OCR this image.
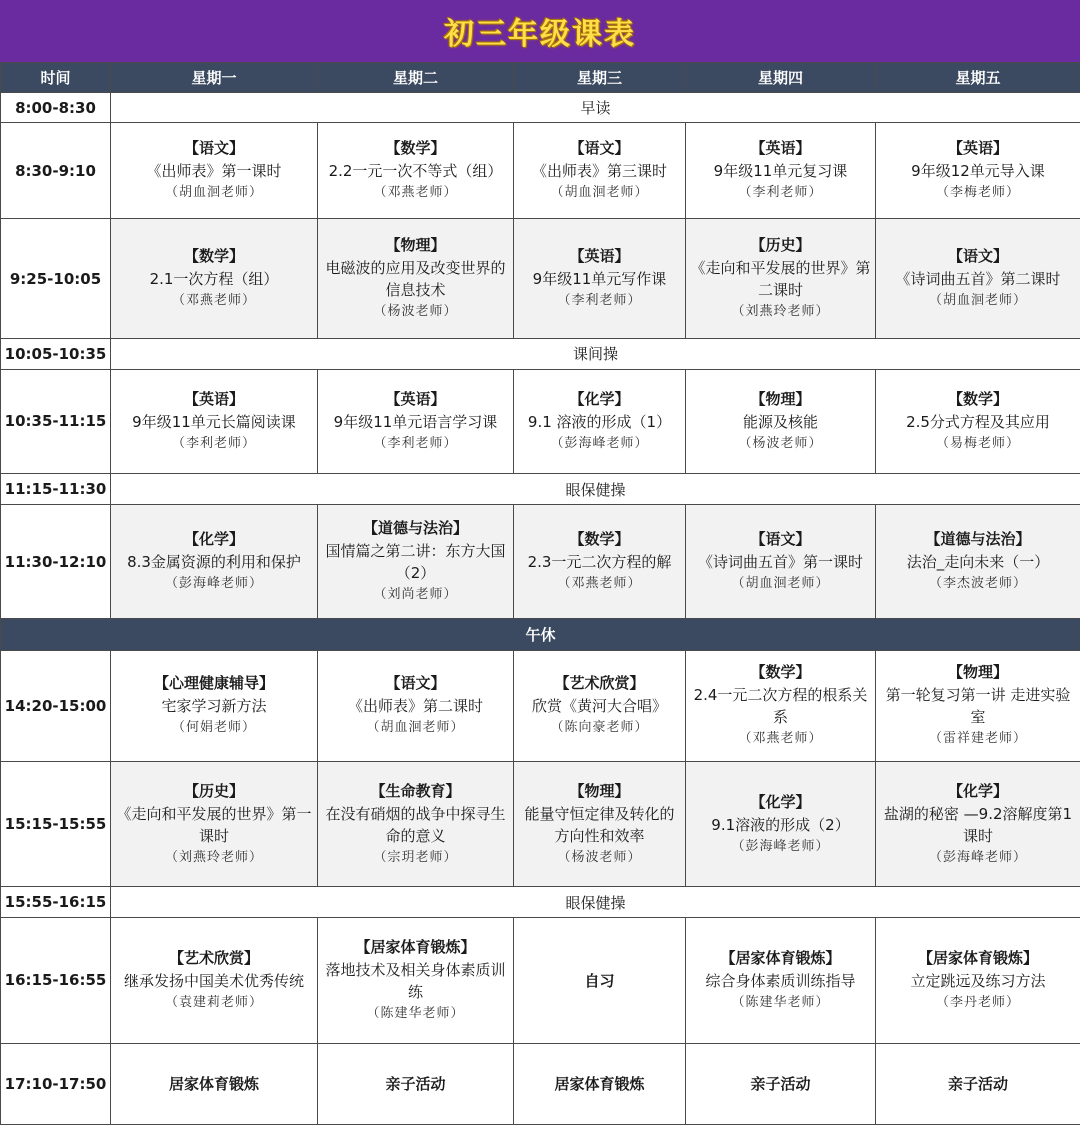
初三年级课表
时间	星期一	星期二	星期三	星期四	星期五
8:00-8:30	早读				
8:30-9:10	【语文】
《出师表》第一课时
（胡血洄老师）	【数学】
2.2一元一次不等式（组）
（邓燕老师）	【语文】
《出师表》第三课时
（胡血洄老师）	【英语】
9年级11单元复习课
（李利老师）	【英语】
9年级12单元导入课
（李梅老师）

9:25-10:05	【数学】
2.1一次方程（组）
（邓燕老师）	【物理】
电磁波的应用及改变世界的信息技术
（杨波老师）	【英语】
9年级11单元写作课
（李利老师）	【历史】
《走向和平发展的世界》第二课时
（刘燕玲老师）	【语文】
《诗词曲五首》第二课时
（胡血洄老师）

10:05-10:35	课间操				
10:35-11:15	【英语】
9年级11单元长篇阅读课
（李利老师）	【英语】
9年级11单元语言学习课
（李利老师）	【化学】
9.1 溶液的形成（1）
（彭海峰老师）	【物理】
能源及核能
（杨波老师）	【数学】
2.5分式方程及其应用
（易梅老师）

11:15-11:30	眼保健操				
11:30-12:10	【化学】
8.3金属资源的利用和保护
（彭海峰老师）	【道德与法治】
国情篇之第二讲：东方大国（2）
（刘尚老师）	【数学】
2.3一元二次方程的解
（邓燕老师）	【语文】
《诗词曲五首》第一课时
（胡血洄老师）	【道德与法治】
法治_走向未来（一）
（李杰波老师）

午休					
14:20-15:00	【心理健康辅导】
宅家学习新方法
（何娟老师）	【语文】
《出师表》第二课时
（胡血洄老师）	【艺术欣赏】
欣赏《黄河大合唱》
（陈向豪老师）	【数学】
2.4一元二次方程的根系关系
（邓燕老师）	【物理】
第一轮复习第一讲 走进实验室
（雷祥建老师）

15:15-15:55	【历史】
《走向和平发展的世界》第一课时
（刘燕玲老师）	【生命教育】
在没有硝烟的战争中探寻生命的意义
（宗玥老师）	【物理】
能量守恒定律及转化的方向性和效率
（杨波老师）	【化学】
9.1溶液的形成（2）
（彭海峰老师）	【化学】
盐湖的秘密 —9.2溶解度第1课时
（彭海峰老师）

15:55-16:15	眼保健操				
16:15-16:55	【艺术欣赏】
继承发扬中国美术优秀传统
（袁建莉老师）	【居家体育锻炼】
落地技术及相关身体素质训练
（陈建华老师）	自习	【居家体育锻炼】
综合身体素质训练指导
（陈建华老师）	【居家体育锻炼】
立定跳远及练习方法
（李丹老师）

17:10-17:50	居家体育锻炼	亲子活动	居家体育锻炼	亲子活动	亲子活动
